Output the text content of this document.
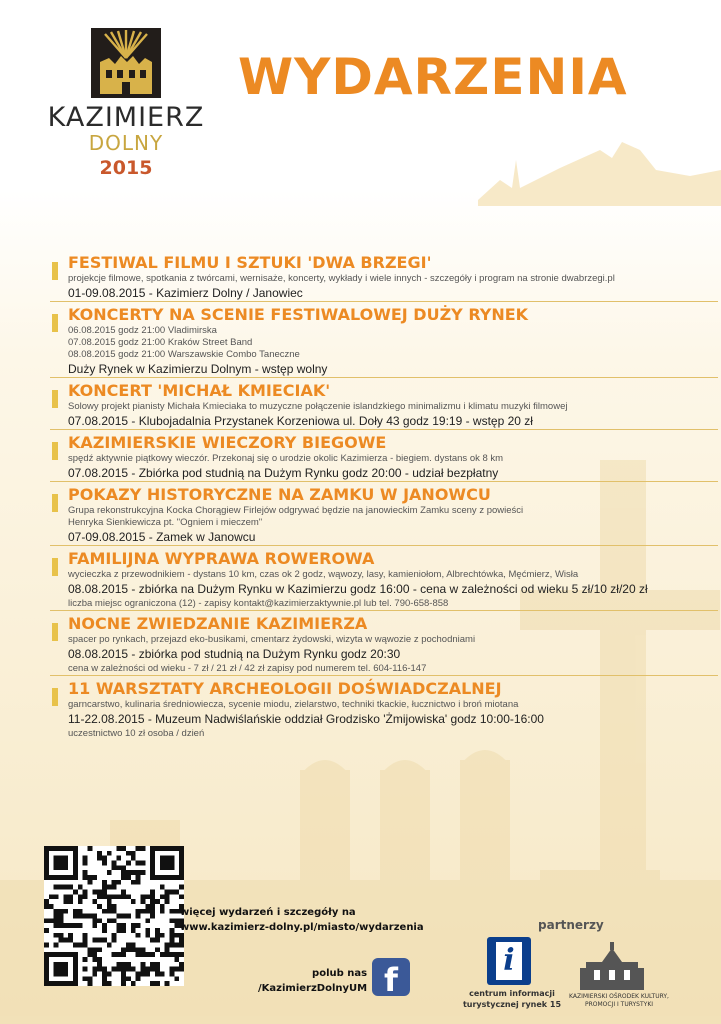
KAZIMIERZ
DOLNY
2015
WYDARZENIA
FESTIWAL FILMU I SZTUKI 'DWA BRZEGI'
projekcje filmowe, spotkania z twórcami, wernisaże, koncerty, wykłady i wiele innych - szczegóły i program na stronie dwabrzegi.pl
01-09.08.2015 - Kazimierz Dolny / Janowiec
KONCERTY NA SCENIE FESTIWALOWEJ DUŻY RYNEK
06.08.2015 godz 21:00 Vladimirska
07.08.2015 godz 21:00 Kraków Street Band
08.08.2015 godz 21:00 Warszawskie Combo Taneczne
Duży Rynek w Kazimierzu Dolnym - wstęp wolny
KONCERT 'MICHAŁ KMIECIAK'
Solowy projekt pianisty Michała Kmieciaka to muzyczne połączenie islandzkiego minimalizmu i klimatu muzyki filmowej
07.08.2015 - Klubojadalnia Przystanek Korzeniowa ul. Doły 43 godz 19:19 - wstęp 20 zł
KAZIMIERSKIE WIECZORY BIEGOWE
spędź aktywnie piątkowy wieczór. Przekonaj się o urodzie okolic Kazimierza - biegiem. dystans ok 8 km
07.08.2015 - Zbiórka pod studnią na Dużym Rynku godz 20:00 - udział bezpłatny
POKAZY HISTORYCZNE NA ZAMKU W JANOWCU
Grupa rekonstrukcyjna Kocka Chorągiew Firlejów odgrywać będzie na janowieckim Zamku sceny z powieści
Henryka Sienkiewicza pt. "Ogniem i mieczem"
07-09.08.2015 - Zamek w Janowcu
FAMILIJNA WYPRAWA ROWEROWA
wycieczka z przewodnikiem - dystans 10 km, czas ok 2 godz, wąwozy, lasy, kamieniołom, Albrechtówka, Męćmierz, Wisła
08.08.2015 - zbiórka na Dużym Rynku w Kazimierzu godz 16:00 - cena w zależności od wieku 5 zł/10 zł/20 zł
liczba miejsc ograniczona (12) - zapisy kontakt@kazimierzaktywnie.pl lub tel. 790-658-858
NOCNE ZWIEDZANIE KAZIMIERZA
spacer po rynkach, przejazd eko-busikami, cmentarz żydowski, wizyta w wąwozie z pochodniami
08.08.2015 - zbiórka pod studnią na Dużym Rynku godz 20:30
cena w zależności od wieku - 7 zł / 21 zł / 42 zł zapisy pod numerem tel. 604-116-147
11 WARSZTATY ARCHEOLOGII DOŚWIADCZALNEJ
garncarstwo, kulinaria średniowiecza, sycenie miodu, zielarstwo, techniki tkackie, łucznictwo i broń miotana
11-22.08.2015 - Muzeum Nadwiślańskie oddział Grodzisko 'Żmijowiska' godz 10:00-16:00
uczestnictwo 10 zł osoba / dzień
więcej wydarzeń i szczegóły na
www.kazimierz-dolny.pl/miasto/wydarzenia
polub nas
/KazimierzDolnyUM f
partnerzy
i
centrum informacji
turystycznej rynek 15
KAZIMIERSKI OŚRODEK KULTURY,
PROMOCJI I TURYSTYKI
